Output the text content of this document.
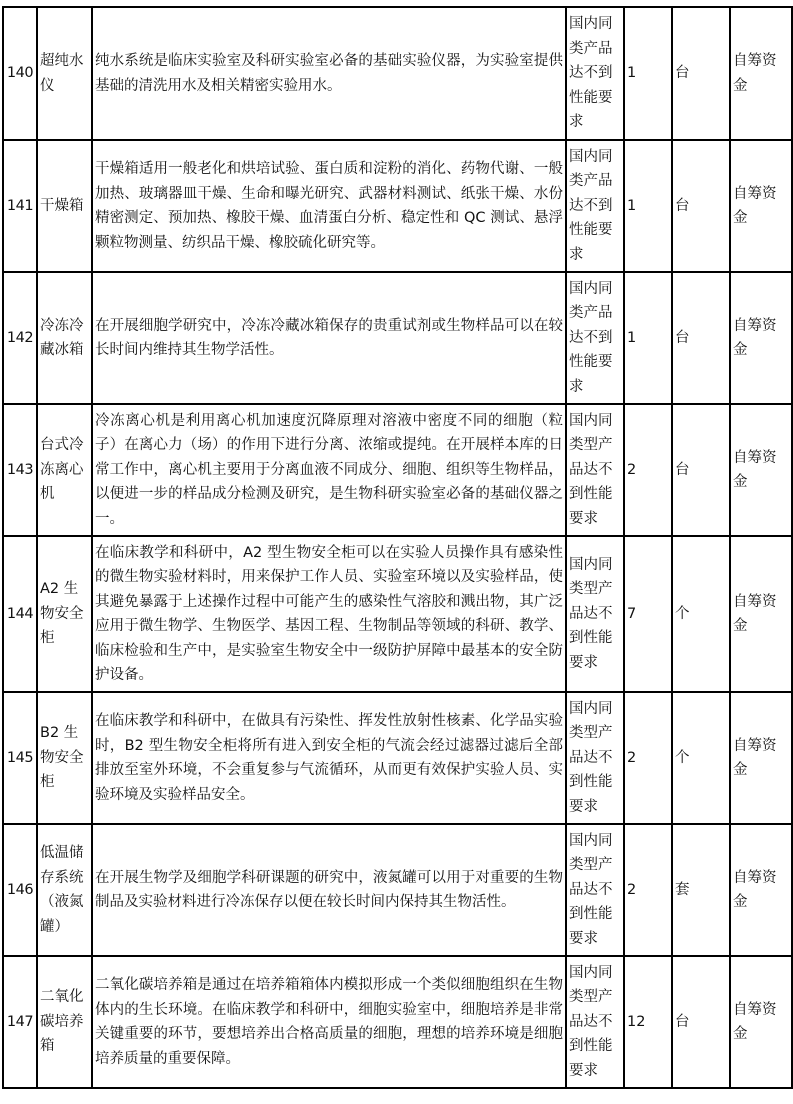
140	超纯水仪	纯水系统是临床实验室及科研实验室必备的基础实验仪器，为实验室提供基础的清洗用水及相关精密实验用水。	国内同类产品达不到性能要求	1	台	自筹资金
141	干燥箱	干燥箱适用一般老化和烘培试验、蛋白质和淀粉的消化、药物代谢、一般加热、玻璃器皿干燥、生命和曝光研究、武器材料测试、纸张干燥、水份精密测定、预加热、橡胶干燥、血清蛋白分析、稳定性和 QC 测试、悬浮颗粒物测量、纺织品干燥、橡胶硫化研究等。	国内同类产品达不到性能要求	1	台	自筹资金
142	冷冻冷藏冰箱	在开展细胞学研究中，冷冻冷藏冰箱保存的贵重试剂或生物样品可以在较长时间内维持其生物学活性。	国内同类产品达不到性能要求	1	台	自筹资金
143	台式冷冻离心机	冷冻离心机是利用离心机加速度沉降原理对溶液中密度不同的细胞（粒子）在离心力（场）的作用下进行分离、浓缩或提纯。在开展样本库的日常工作中，离心机主要用于分离血液不同成分、细胞、组织等生物样品，以便进一步的样品成分检测及研究，是生物科研实验室必备的基础仪器之一。	国内同类型产品达不到性能要求	2	台	自筹资金
144	A2 生物安全柜	在临床教学和科研中，A2 型生物安全柜可以在实验人员操作具有感染性的微生物实验材料时，用来保护工作人员、实验室环境以及实验样品，使其避免暴露于上述操作过程中可能产生的感染性气溶胶和溅出物，其广泛应用于微生物学、生物医学、基因工程、生物制品等领域的科研、教学、临床检验和生产中，是实验室生物安全中一级防护屏障中最基本的安全防护设备。	国内同类型产品达不到性能要求	7	个	自筹资金
145	B2 生物安全柜	在临床教学和科研中，在做具有污染性、挥发性放射性核素、化学品实验时，B2 型生物安全柜将所有进入到安全柜的气流会经过滤器过滤后全部排放至室外环境，不会重复参与气流循环，从而更有效保护实验人员、实验环境及实验样品安全。	国内同类型产品达不到性能要求	2	个	自筹资金
146	低温储存系统（液氮罐）	在开展生物学及细胞学科研课题的研究中，液氮罐可以用于对重要的生物制品及实验材料进行冷冻保存以便在较长时间内保持其生物活性。	国内同类型产品达不到性能要求	2	套	自筹资金
147	二氧化碳培养箱	二氧化碳培养箱是通过在培养箱箱体内模拟形成一个类似细胞组织在生物体内的生长环境。在临床教学和科研中，细胞实验室中，细胞培养是非常关键重要的环节，要想培养出合格高质量的细胞，理想的培养环境是细胞培养质量的重要保障。	国内同类型产品达不到性能要求	12	台	自筹资金
